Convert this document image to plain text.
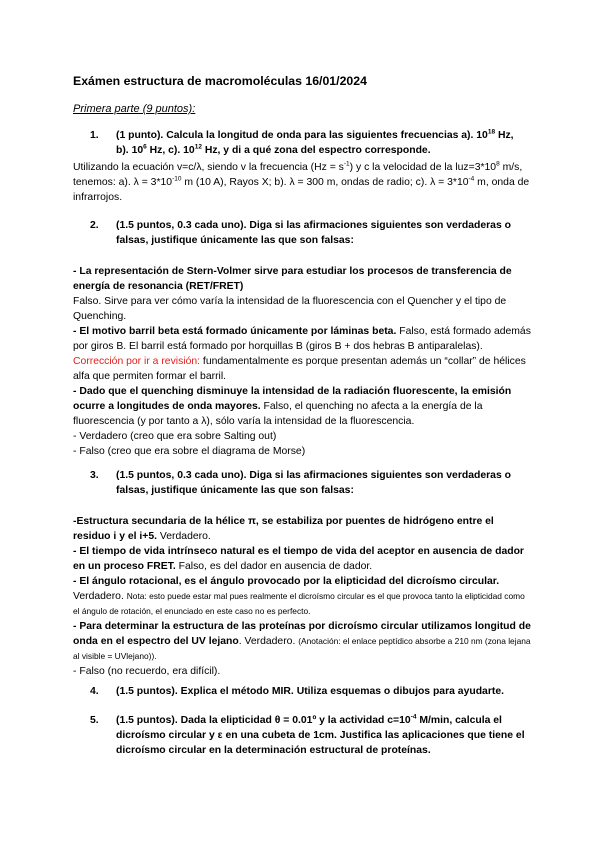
Exámen estructura de macromoléculas 16/01/2024
Primera parte (9 puntos):
1. (1 punto). Calcula la longitud de onda para las siguientes frecuencias a). $10^{18}$ Hz, b). $10^6$ Hz, c). $10^{12}$ Hz, y di a qué zona del espectro corresponde.
Utilizando la ecuación v=c/λ, siendo v la frecuencia $(Hz = s^{-1})$ y c la velocidad de la $luz=3*10^8$ m/s, tenemos: a). $\lambda = 3*10^{-10}$ m (10 A), Rayos X; b). λ = 300 m, ondas de radio; c). $\lambda = 3*10^{-4}$ m, onda de infrarrojos.
2. (1.5 puntos, 0.3 cada uno). Diga si las afirmaciones siguientes son verdaderas o falsas, justifique únicamente las que son falsas:
- La representación de Stern-Volmer sirve para estudiar los procesos de transferencia de energía de resonancia (RET/FRET)
Falso. Sirve para ver cómo varía la intensidad de la fluorescencia con el Quencher y el tipo de Quenching.
- El motivo barril beta está formado únicamente por láminas beta. Falso, está formado además por giros B. El barril está formado por horquillas B (giros B + dos hebras B antiparalelas). Corrección por ir a revisión: fundamentalmente es porque presentan además un “collar” de hélices alfa que permiten formar el barril.
- Dado que el quenching disminuye la intensidad de la radiación fluorescente, la emisión ocurre a longitudes de onda mayores. Falso, el quenching no afecta a la energía de la fluorescencia (y por tanto a λ), sólo varía la intensidad de la fluorescencia.
- Verdadero (creo que era sobre Salting out)
- Falso (creo que era sobre el diagrama de Morse)
3. (1.5 puntos, 0.3 cada uno). Diga si las afirmaciones siguientes son verdaderas o falsas, justifique únicamente las que son falsas:
-Estructura secundaria de la hélice π, se estabiliza por puentes de hidrógeno entre el residuo i y el i+5. Verdadero.
- El tiempo de vida intrínseco natural es el tiempo de vida del aceptor en ausencia de dador en un proceso FRET. Falso, es del dador en ausencia de dador.
- El ángulo rotacional, es el ángulo provocado por la elipticidad del dicroísmo circular. Verdadero. Nota: esto puede estar mal pues realmente el dicroísmo circular es el que provoca tanto la elipticidad como el ángulo de rotación, el enunciado en este caso no es perfecto.
- Para determinar la estructura de las proteínas por dicroísmo circular utilizamos longitud de onda en el espectro del UV lejano. Verdadero. (Anotación: el enlace peptídico absorbe a 210 nm (zona lejana al visible = UVlejano)).
- Falso (no recuerdo, era difícil).
4. (1.5 puntos). Explica el método MIR. Utiliza esquemas o dibujos para ayudarte.
5. (1.5 puntos). Dada la elipticidad θ = 0.01º y la actividad $c=10^{-4}$ M/min, calcula el dicroísmo circular y ε en una cubeta de 1cm. Justifica las aplicaciones que tiene el dicroísmo circular en la determinación estructural de proteínas.
